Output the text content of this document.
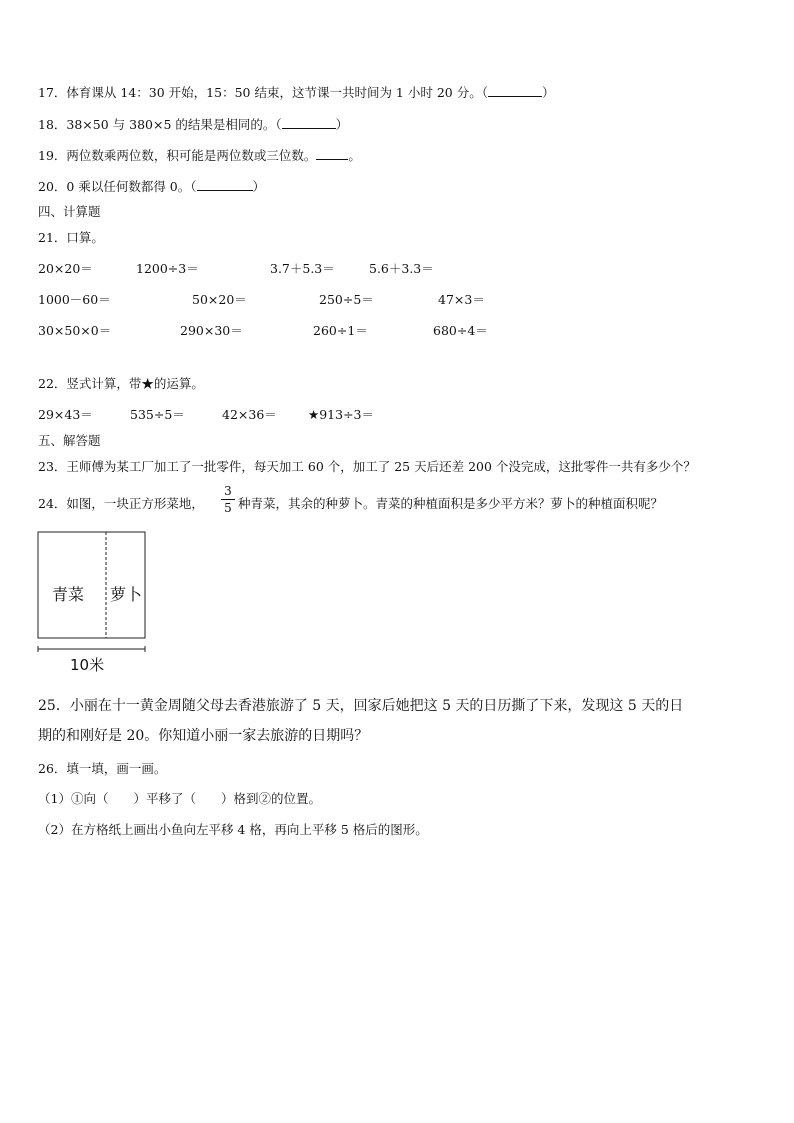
17．体育课从 14：30 开始，15：50 结束，这节课一共时间为 1 小时 20 分。（	）
18．38×50 与 380×5 的结果是相同的。（	）
19．两位数乘两位数，积可能是两位数或三位数。	。
20．0 乘以任何数都得 0。（	）
四、计算题
21．口算。
20×20＝	1200÷3＝	3.7＋5.3＝	5.6＋3.3＝
1000－60＝	50×20＝	250÷5＝	47×3＝
30×50×0＝	290×30＝	260÷1＝	680÷4＝
22．竖式计算，带★的运算。
29×43＝	535÷5＝	42×36＝ ★913÷3＝
五、解答题
23．王师傅为某工厂加工了一批零件，每天加工 60 个，加工了 25 天后还差 200 个没完成，这批零件一共有多少个？
24．如图，一块正方形菜地，
3
5 种青菜，其余的种萝卜。青菜的种植面积是多少平方米？萝卜的种植面积呢？
青菜 萝卜
10米
25．小丽在十一黄金周随父母去香港旅游了 5 天，回家后她把这 5 天的日历撕了下来，发现这 5 天的日
期的和刚好是 20。你知道小丽一家去旅游的日期吗？
26．填一填，画一画。
（1）①向（　　）平移了（　　）格到②的位置。
（2）在方格纸上画出小鱼向左平移 4 格，再向上平移 5 格后的图形。
